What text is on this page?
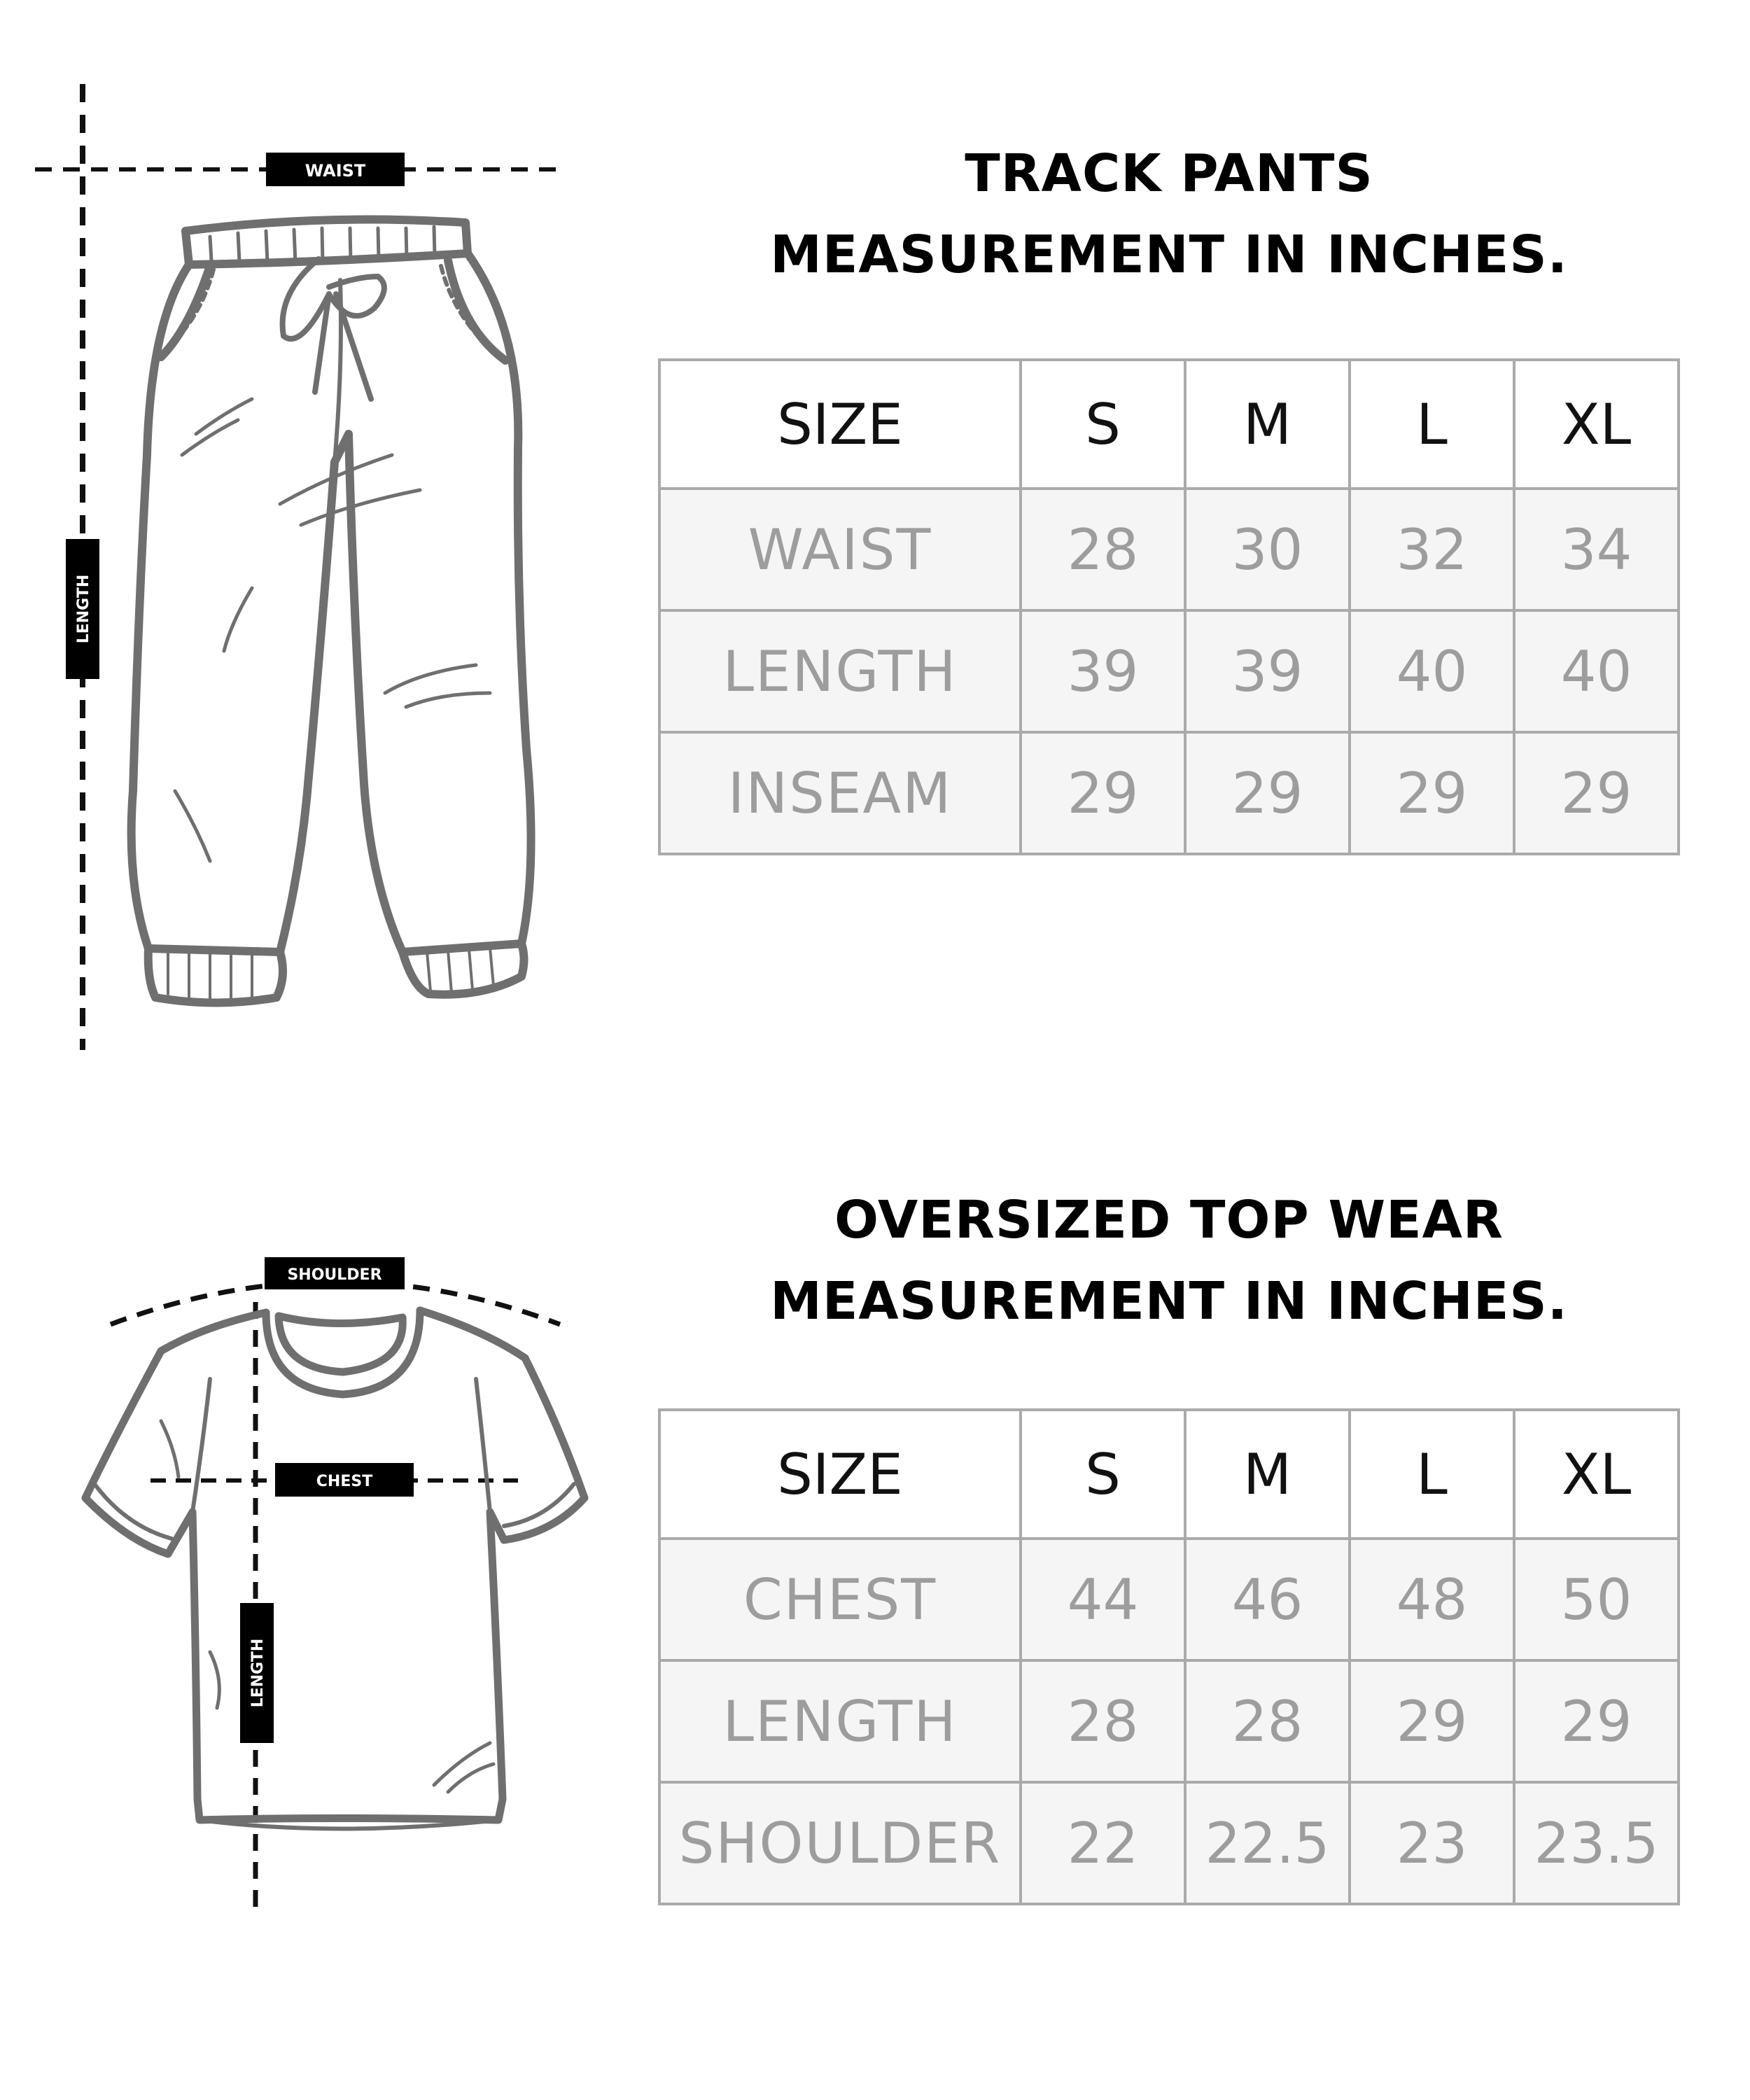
WAIST
LENGTH
TRACK PANTS
MEASUREMENT IN INCHES.
SIZE	S	M	L	XL
WAIST	28	30	32	34
LENGTH	39	39	40	40
INSEAM	29	29	29	29
SHOULDER
CHEST
LENGTH
OVERSIZED TOP WEAR
MEASUREMENT IN INCHES.
SIZE	S	M	L	XL
CHEST	44	46	48	50
LENGTH	28	28	29	29
SHOULDER	22	22.5	23	23.5
